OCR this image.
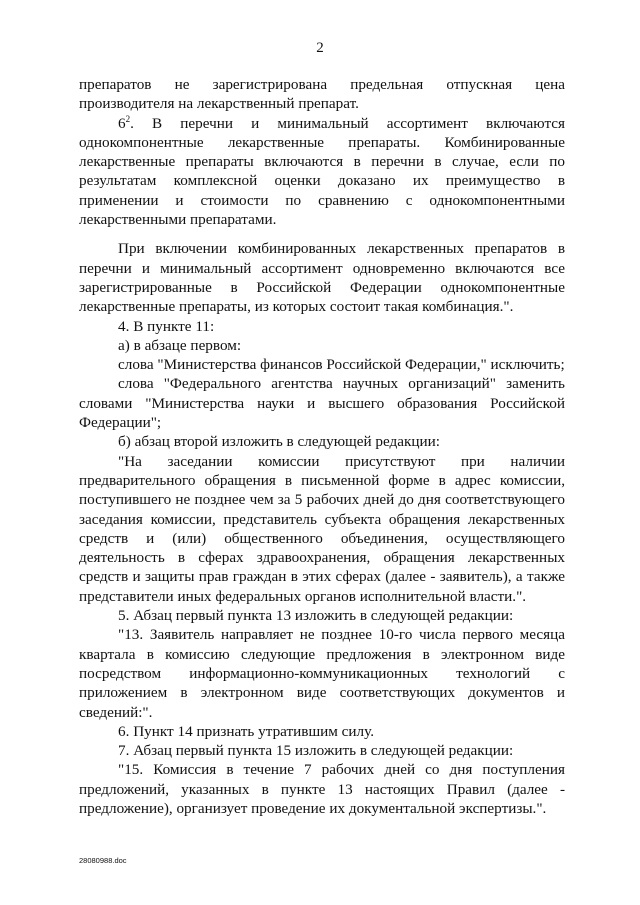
2

препаратов не зарегистрирована предельная отпускная цена производителя на лекарственный препарат.

$6^2$. В перечни и минимальный ассортимент включаются однокомпонентные лекарственные препараты. Комбинированные лекарственные препараты включаются в перечни в случае, если по результатам комплексной оценки доказано их преимущество в применении и стоимости по сравнению с однокомпонентными лекарственными препаратами.

При включении комбинированных лекарственных препаратов в перечни и минимальный ассортимент одновременно включаются все зарегистрированные в Российской Федерации однокомпонентные лекарственные препараты, из которых состоит такая комбинация.".

4. В пункте 11:

а) в абзаце первом:

слова "Министерства финансов Российской Федерации," исключить;

слова "Федерального агентства научных организаций" заменить словами "Министерства науки и высшего образования Российской Федерации";

б) абзац второй изложить в следующей редакции:

"На заседании комиссии присутствуют при наличии предварительного обращения в письменной форме в адрес комиссии, поступившего не позднее чем за 5 рабочих дней до дня соответствующего заседания комиссии, представитель субъекта обращения лекарственных средств и (или) общественного объединения, осуществляющего деятельность в сферах здравоохранения, обращения лекарственных средств и защиты прав граждан в этих сферах (далее - заявитель), а также представители иных федеральных органов исполнительной власти.".

5. Абзац первый пункта 13 изложить в следующей редакции:

"13. Заявитель направляет не позднее 10-го числа первого месяца квартала в комиссию следующие предложения в электронном виде посредством информационно-коммуникационных технологий с приложением в электронном виде соответствующих документов и сведений:".

6. Пункт 14 признать утратившим силу.

7. Абзац первый пункта 15 изложить в следующей редакции:

"15. Комиссия в течение 7 рабочих дней со дня поступления предложений, указанных в пункте 13 настоящих Правил (далее - предложение), организует проведение их документальной экспертизы.".

28080988.doc
